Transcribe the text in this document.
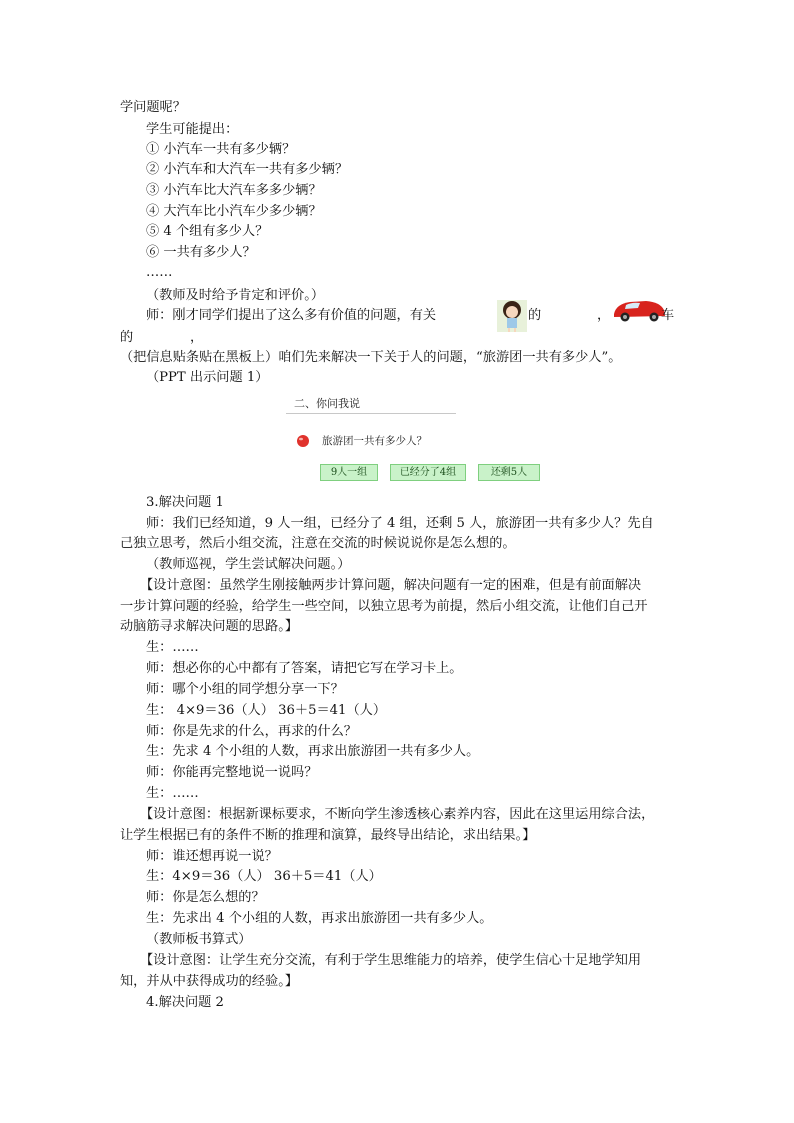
学问题呢？
学生可能提出：
① 小汽车一共有多少辆？
② 小汽车和大汽车一共有多少辆？
③ 小汽车比大汽车多多少辆？
④ 大汽车比小汽车少多少辆？
⑤ 4 个组有多少人？
⑥ 一共有多少人？
……
（教师及时给予肯定和评价。）
师：刚才同学们提出了这么多有价值的问题，有关	的	，	车
的	，
（把信息贴条贴在黑板上）咱们先来解决一下关于人的问题，“旅游团一共有多少人”。
（PPT 出示问题 1）
二、你问我说
旅游团一共有多少人？
9人一组	已经分了4组	还剩5人
3.解决问题 1
师：我们已经知道，9 人一组，已经分了 4 组，还剩 5 人，旅游团一共有多少人？先自
己独立思考，然后小组交流，注意在交流的时候说说你是怎么想的。
（教师巡视，学生尝试解决问题。）
【设计意图：虽然学生刚接触两步计算问题，解决问题有一定的困难，但是有前面解决
一步计算问题的经验，给学生一些空间，以独立思考为前提，然后小组交流，让他们自己开
动脑筋寻求解决问题的思路。】
生：……
师：想必你的心中都有了答案，请把它写在学习卡上。
师：哪个小组的同学想分享一下？
生： 4×9＝36（人） 36＋5＝41（人）
师：你是先求的什么，再求的什么？
生：先求 4 个小组的人数，再求出旅游团一共有多少人。
师：你能再完整地说一说吗？
生：……
【设计意图：根据新课标要求，不断向学生渗透核心素养内容，因此在这里运用综合法，
让学生根据已有的条件不断的推理和演算，最终导出结论，求出结果。】
师：谁还想再说一说？
生：4×9＝36（人） 36＋5＝41（人）
师：你是怎么想的？
生：先求出 4 个小组的人数，再求出旅游团一共有多少人。
（教师板书算式）
【设计意图：让学生充分交流，有利于学生思维能力的培养，使学生信心十足地学知用
知，并从中获得成功的经验。】
4.解决问题 2
